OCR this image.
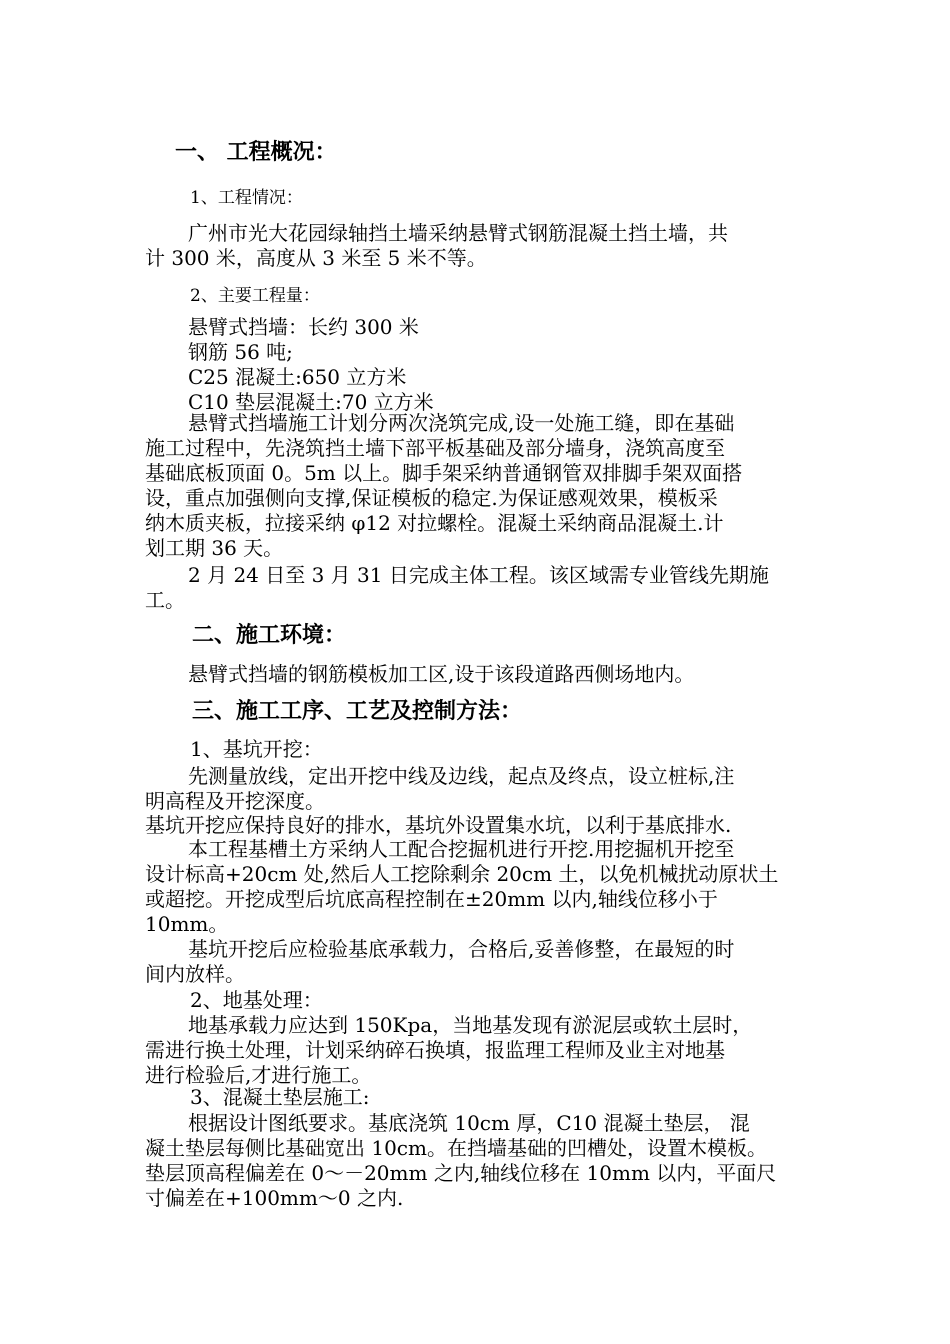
一、 工程概况：
1、工程情况：
广州市光大花园绿轴挡土墙采纳悬臂式钢筋混凝土挡土墙，共
计 300 米，高度从 3 米至 5 米不等。
2、主要工程量：
悬臂式挡墙：长约 300 米
钢筋 56 吨;
C25 混凝土:650 立方米
C10 垫层混凝土:70 立方米
悬臂式挡墙施工计划分两次浇筑完成,设一处施工缝，即在基础
施工过程中，先浇筑挡土墙下部平板基础及部分墙身，浇筑高度至
基础底板顶面 0。5m 以上。脚手架采纳普通钢管双排脚手架双面搭
设，重点加强侧向支撑,保证模板的稳定.为保证感观效果，模板采
纳木质夹板，拉接采纳 φ12 对拉螺栓。混凝土采纳商品混凝土.计
划工期 36 天。
2 月 24 日至 3 月 31 日完成主体工程。该区域需专业管线先期施
工。
二、施工环境：
悬臂式挡墙的钢筋模板加工区,设于该段道路西侧场地内。
三、施工工序、工艺及控制方法：
1、基坑开挖：
先测量放线，定出开挖中线及边线，起点及终点，设立桩标,注
明高程及开挖深度。
基坑开挖应保持良好的排水，基坑外设置集水坑，以利于基底排水.
本工程基槽土方采纳人工配合挖掘机进行开挖.用挖掘机开挖至
设计标高+20cm 处,然后人工挖除剩余 20cm 土，以免机械扰动原状土
或超挖。开挖成型后坑底高程控制在±20mm 以内,轴线位移小于
10mm。
基坑开挖后应检验基底承载力，合格后,妥善修整，在最短的时
间内放样。
2、地基处理：
地基承载力应达到 150Kpa，当地基发现有淤泥层或软土层时，
需进行换土处理，计划采纳碎石换填，报监理工程师及业主对地基
进行检验后,才进行施工。
3、混凝土垫层施工:
根据设计图纸要求。基底浇筑 10cm 厚，C10 混凝土垫层， 混
凝土垫层每侧比基础宽出 10cm。在挡墙基础的凹槽处，设置木模板。
垫层顶高程偏差在 0～－20mm 之内,轴线位移在 10mm 以内，平面尺
寸偏差在+100mm～0 之内.
